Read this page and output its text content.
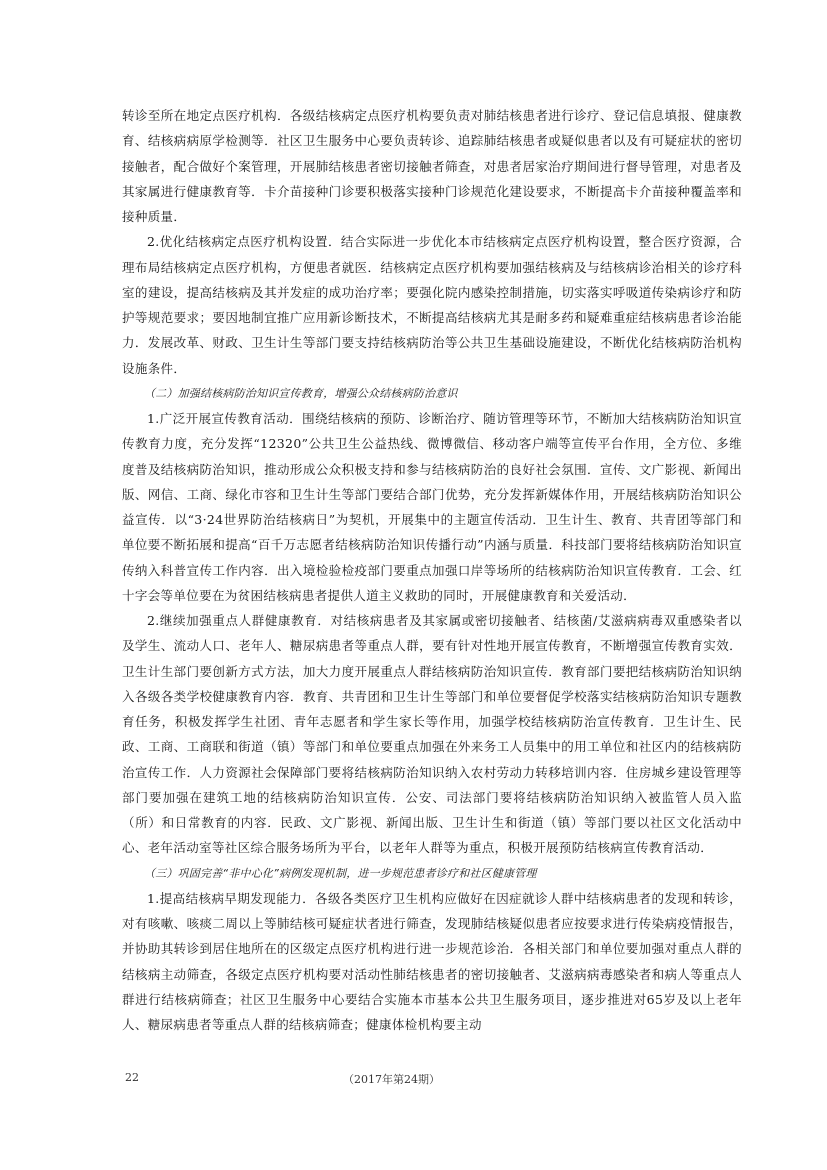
转诊至所在地定点医疗机构．各级结核病定点医疗机构要负责对肺结核患者进行诊疗、登记信息填报、健康教育、结核病病原学检测等．社区卫生服务中心要负责转诊、追踪肺结核患者或疑似患者以及有可疑症状的密切接触者，配合做好个案管理，开展肺结核患者密切接触者筛查，对患者居家治疗期间进行督导管理，对患者及其家属进行健康教育等．卡介苗接种门诊要积极落实接种门诊规范化建设要求，不断提高卡介苗接种覆盖率和接种质量．

2.优化结核病定点医疗机构设置．结合实际进一步优化本市结核病定点医疗机构设置，整合医疗资源，合理布局结核病定点医疗机构，方便患者就医．结核病定点医疗机构要加强结核病及与结核病诊治相关的诊疗科室的建设，提高结核病及其并发症的成功治疗率；要强化院内感染控制措施，切实落实呼吸道传染病诊疗和防护等规范要求；要因地制宜推广应用新诊断技术，不断提高结核病尤其是耐多药和疑难重症结核病患者诊治能力．发展改革、财政、卫生计生等部门要支持结核病防治等公共卫生基础设施建设，不断优化结核病防治机构设施条件．

（二）加强结核病防治知识宣传教育，增强公众结核病防治意识

1.广泛开展宣传教育活动．围绕结核病的预防、诊断治疗、随访管理等环节，不断加大结核病防治知识宣传教育力度，充分发挥“12320”公共卫生公益热线、微博微信、移动客户端等宣传平台作用，全方位、多维度普及结核病防治知识，推动形成公众积极支持和参与结核病防治的良好社会氛围．宣传、文广影视、新闻出版、网信、工商、绿化市容和卫生计生等部门要结合部门优势，充分发挥新媒体作用，开展结核病防治知识公益宣传．以“3·24世界防治结核病日”为契机，开展集中的主题宣传活动．卫生计生、教育、共青团等部门和单位要不断拓展和提高“百千万志愿者结核病防治知识传播行动”内涵与质量．科技部门要将结核病防治知识宣传纳入科普宣传工作内容．出入境检验检疫部门要重点加强口岸等场所的结核病防治知识宣传教育．工会、红十字会等单位要在为贫困结核病患者提供人道主义救助的同时，开展健康教育和关爱活动．

2.继续加强重点人群健康教育．对结核病患者及其家属或密切接触者、结核菌/艾滋病病毒双重感染者以及学生、流动人口、老年人、糖尿病患者等重点人群，要有针对性地开展宣传教育，不断增强宣传教育实效．卫生计生部门要创新方式方法，加大力度开展重点人群结核病防治知识宣传．教育部门要把结核病防治知识纳入各级各类学校健康教育内容．教育、共青团和卫生计生等部门和单位要督促学校落实结核病防治知识专题教育任务，积极发挥学生社团、青年志愿者和学生家长等作用，加强学校结核病防治宣传教育．卫生计生、民政、工商、工商联和街道（镇）等部门和单位要重点加强在外来务工人员集中的用工单位和社区内的结核病防治宣传工作．人力资源社会保障部门要将结核病防治知识纳入农村劳动力转移培训内容．住房城乡建设管理等部门要加强在建筑工地的结核病防治知识宣传．公安、司法部门要将结核病防治知识纳入被监管人员入监（所）和日常教育的内容．民政、文广影视、新闻出版、卫生计生和街道（镇）等部门要以社区文化活动中心、老年活动室等社区综合服务场所为平台，以老年人群等为重点，积极开展预防结核病宣传教育活动．

（三）巩固完善“非中心化”病例发现机制，进一步规范患者诊疗和社区健康管理

1.提高结核病早期发现能力．各级各类医疗卫生机构应做好在因症就诊人群中结核病患者的发现和转诊，对有咳嗽、咳痰二周以上等肺结核可疑症状者进行筛查，发现肺结核疑似患者应按要求进行传染病疫情报告，并协助其转诊到居住地所在的区级定点医疗机构进行进一步规范诊治．各相关部门和单位要加强对重点人群的结核病主动筛查，各级定点医疗机构要对活动性肺结核患者的密切接触者、艾滋病病毒感染者和病人等重点人群进行结核病筛查；社区卫生服务中心要结合实施本市基本公共卫生服务项目，逐步推进对65岁及以上老年人、糖尿病患者等重点人群的结核病筛查；健康体检机构要主动

22	（2017年第24期）
